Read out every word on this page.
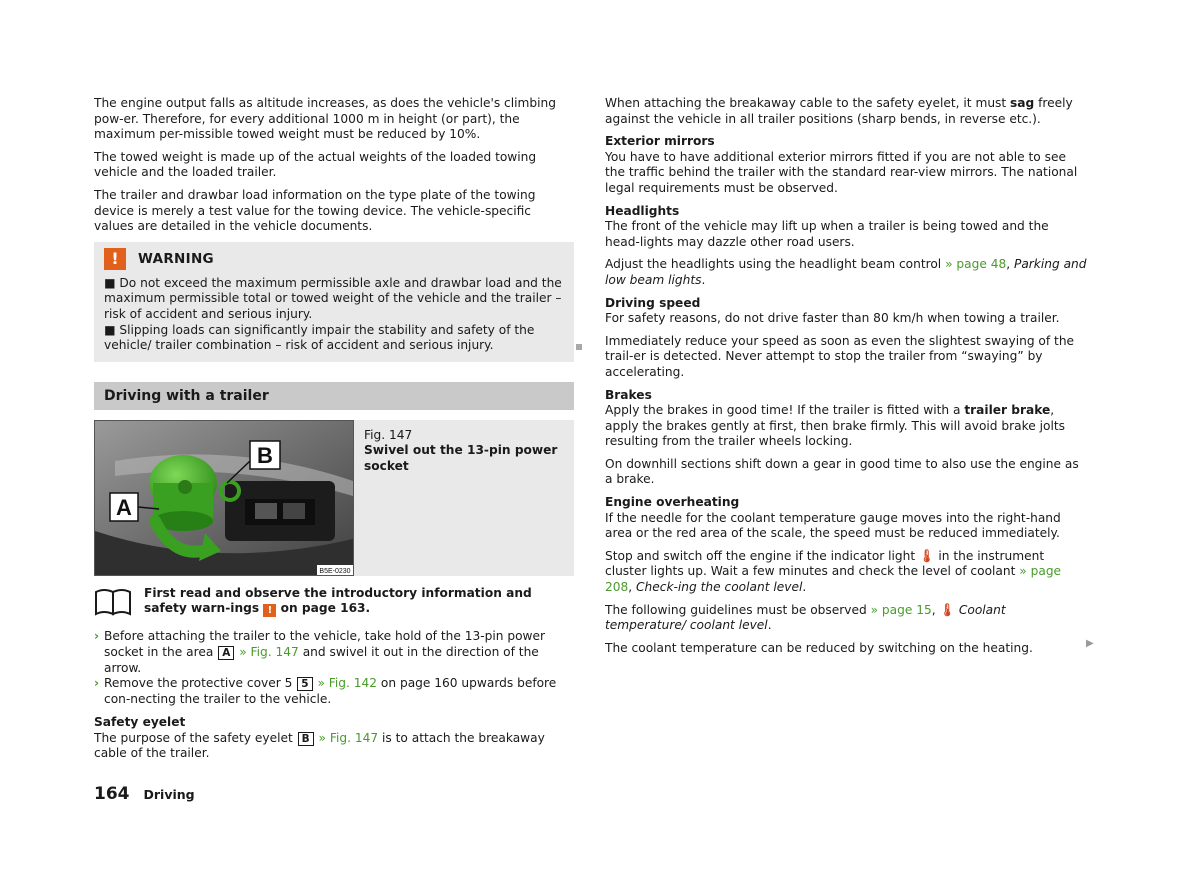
The engine output falls as altitude increases, as does the vehicle's climbing pow-er. Therefore, for every additional 1000 m in height (or part), the maximum per-missible towed weight must be reduced by 10%.

The towed weight is made up of the actual weights of the loaded towing vehicle and the loaded trailer.

The trailer and drawbar load information on the type plate of the towing device is merely a test value for the towing device. The vehicle-specific values are detailed in the vehicle documents.

!	WARNING

■ Do not exceed the maximum permissible axle and drawbar load and the maximum permissible total or towed weight of the vehicle and the trailer – risk of accident and serious injury.

■ Slipping loads can significantly impair the stability and safety of the vehicle/ trailer combination – risk of accident and serious injury.

Driving with a trailer
B
A
B5E-0230

Fig. 147

Swivel out the 13-pin power socket

First read and observe the introductory information and safety warn-ings ! on page 163.
› Before attaching the trailer to the vehicle, take hold of the 13-pin power socket in the area A » Fig. 147 and swivel it out in the direction of the arrow.
› Remove the protective cover 5 5 » Fig. 142 on page 160 upwards before con-necting the trailer to the vehicle.
Safety eyelet

The purpose of the safety eyelet B » Fig. 147 is to attach the breakaway cable of the trailer.

When attaching the breakaway cable to the safety eyelet, it must sag freely against the vehicle in all trailer positions (sharp bends, in reverse etc.).

Exterior mirrors

You have to have additional exterior mirrors fitted if you are not able to see the traffic behind the trailer with the standard rear-view mirrors. The national legal requirements must be observed.

Headlights

The front of the vehicle may lift up when a trailer is being towed and the head-lights may dazzle other road users.

Adjust the headlights using the headlight beam control » page 48, Parking and low beam lights.

Driving speed

For safety reasons, do not drive faster than 80 km/h when towing a trailer.

Immediately reduce your speed as soon as even the slightest swaying of the trail-er is detected. Never attempt to stop the trailer from “swaying” by accelerating.

Brakes

Apply the brakes in good time! If the trailer is fitted with a trailer brake, apply the brakes gently at first, then brake firmly. This will avoid brake jolts resulting from the trailer wheels locking.

On downhill sections shift down a gear in good time to also use the engine as a brake.

Engine overheating

If the needle for the coolant temperature gauge moves into the right-hand area or the red area of the scale, the speed must be reduced immediately.

Stop and switch off the engine if the indicator light 🌡 in the instrument cluster lights up. Wait a few minutes and check the level of coolant » page 208, Check-ing the coolant level.

The following guidelines must be observed » page 15, 🌡 Coolant temperature/ coolant level.

The coolant temperature can be reduced by switching on the heating.	▶
164 Driving
